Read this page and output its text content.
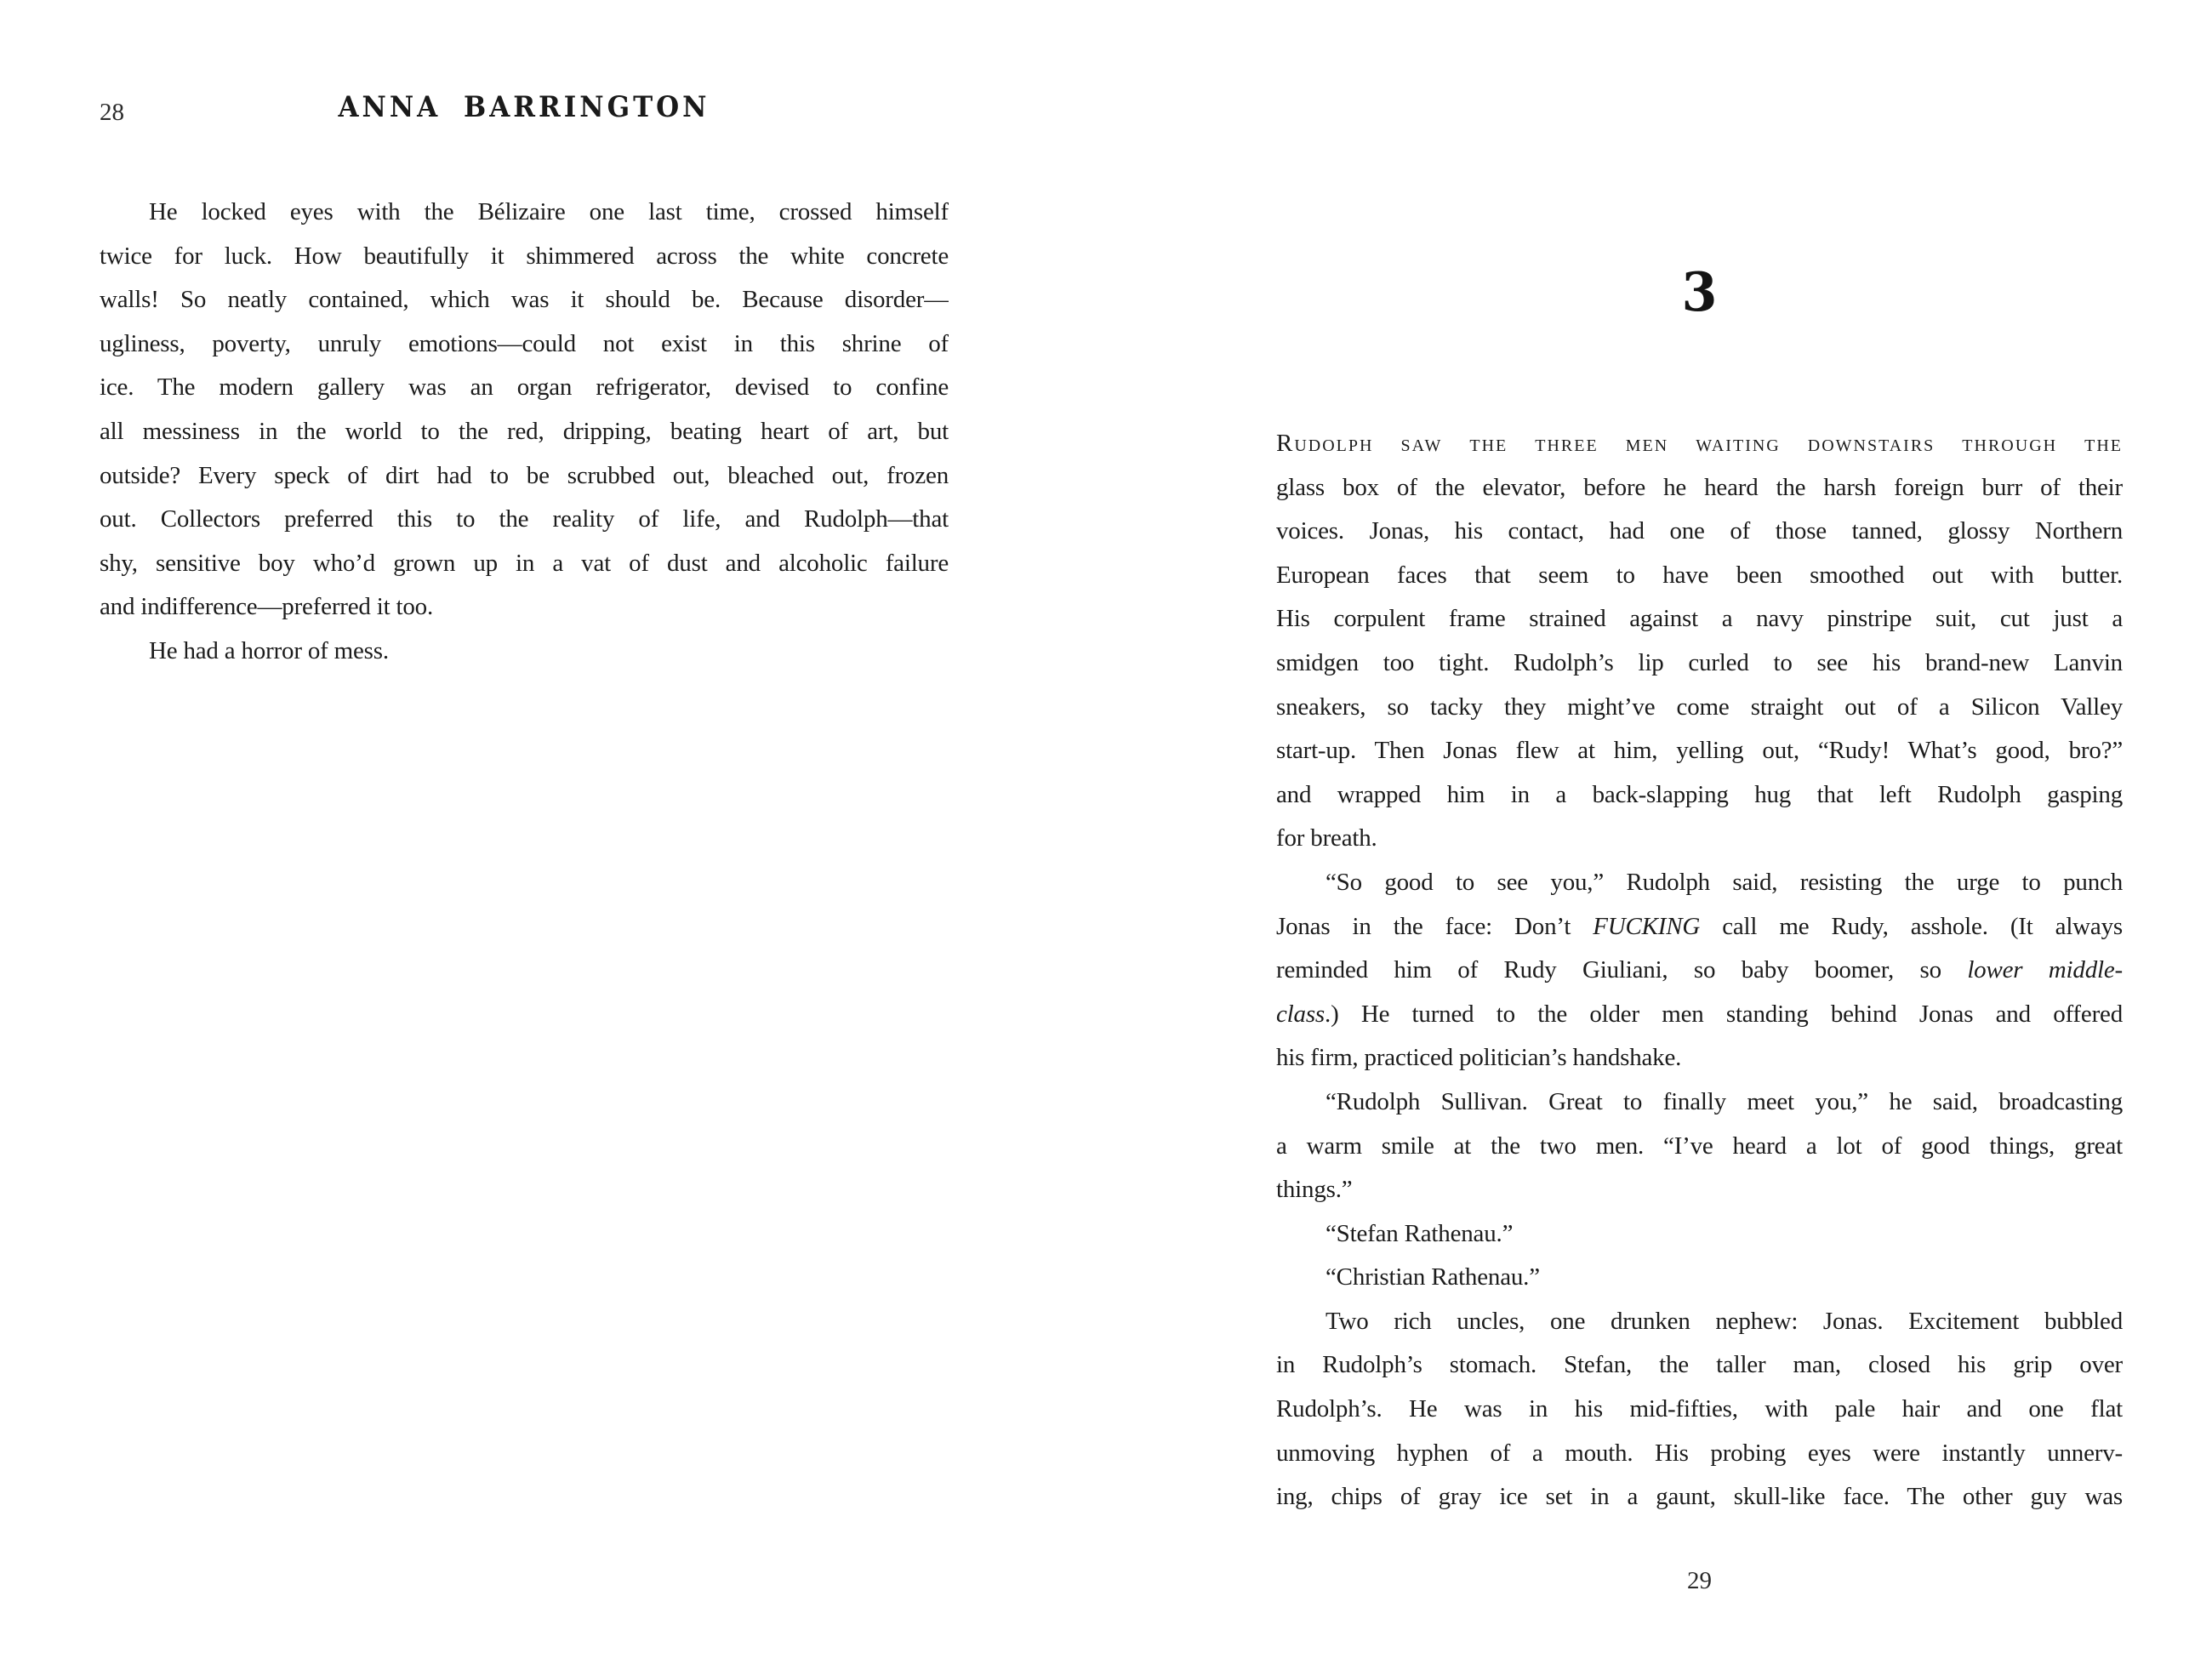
28	ANNA BARRINGTON
He locked eyes with the Bélizaire one last time, crossed himself
twice for luck. How beautifully it shimmered across the white concrete
walls! So neatly contained, which was it should be. Because disorder—
ugliness, poverty, unruly emotions—could not exist in this shrine of
ice. The modern gallery was an organ refrigerator, devised to confine
all messiness in the world to the red, dripping, beating heart of art, but
outside? Every speck of dirt had to be scrubbed out, bleached out, frozen
out. Collectors preferred this to the reality of life, and Rudolph—that
shy, sensitive boy who’d grown up in a vat of dust and alcoholic failure
and indifference—preferred it too.
He had a horror of mess.
3
Rudolph saw the three men waiting downstairs through the
glass box of the elevator, before he heard the harsh foreign burr of their
voices. Jonas, his contact, had one of those tanned, glossy Northern
European faces that seem to have been smoothed out with butter.
His corpulent frame strained against a navy pinstripe suit, cut just a
smidgen too tight. Rudolph’s lip curled to see his brand-new Lanvin
sneakers, so tacky they might’ve come straight out of a Silicon Valley
start-up. Then Jonas flew at him, yelling out, “Rudy! What’s good, bro?”
and wrapped him in a back-slapping hug that left Rudolph gasping
for breath.
“So good to see you,” Rudolph said, resisting the urge to punch
Jonas in the face: Don’t FUCKING call me Rudy, asshole. (It always
reminded him of Rudy Giuliani, so baby boomer, so lower middle-
class.) He turned to the older men standing behind Jonas and offered
his firm, practiced politician’s handshake.
“Rudolph Sullivan. Great to finally meet you,” he said, broadcasting
a warm smile at the two men. “I’ve heard a lot of good things, great
things.”
“Stefan Rathenau.”
“Christian Rathenau.”
Two rich uncles, one drunken nephew: Jonas. Excitement bubbled
in Rudolph’s stomach. Stefan, the taller man, closed his grip over
Rudolph’s. He was in his mid-fifties, with pale hair and one flat
unmoving hyphen of a mouth. His probing eyes were instantly unnerv-
ing, chips of gray ice set in a gaunt, skull-like face. The other guy was
29
